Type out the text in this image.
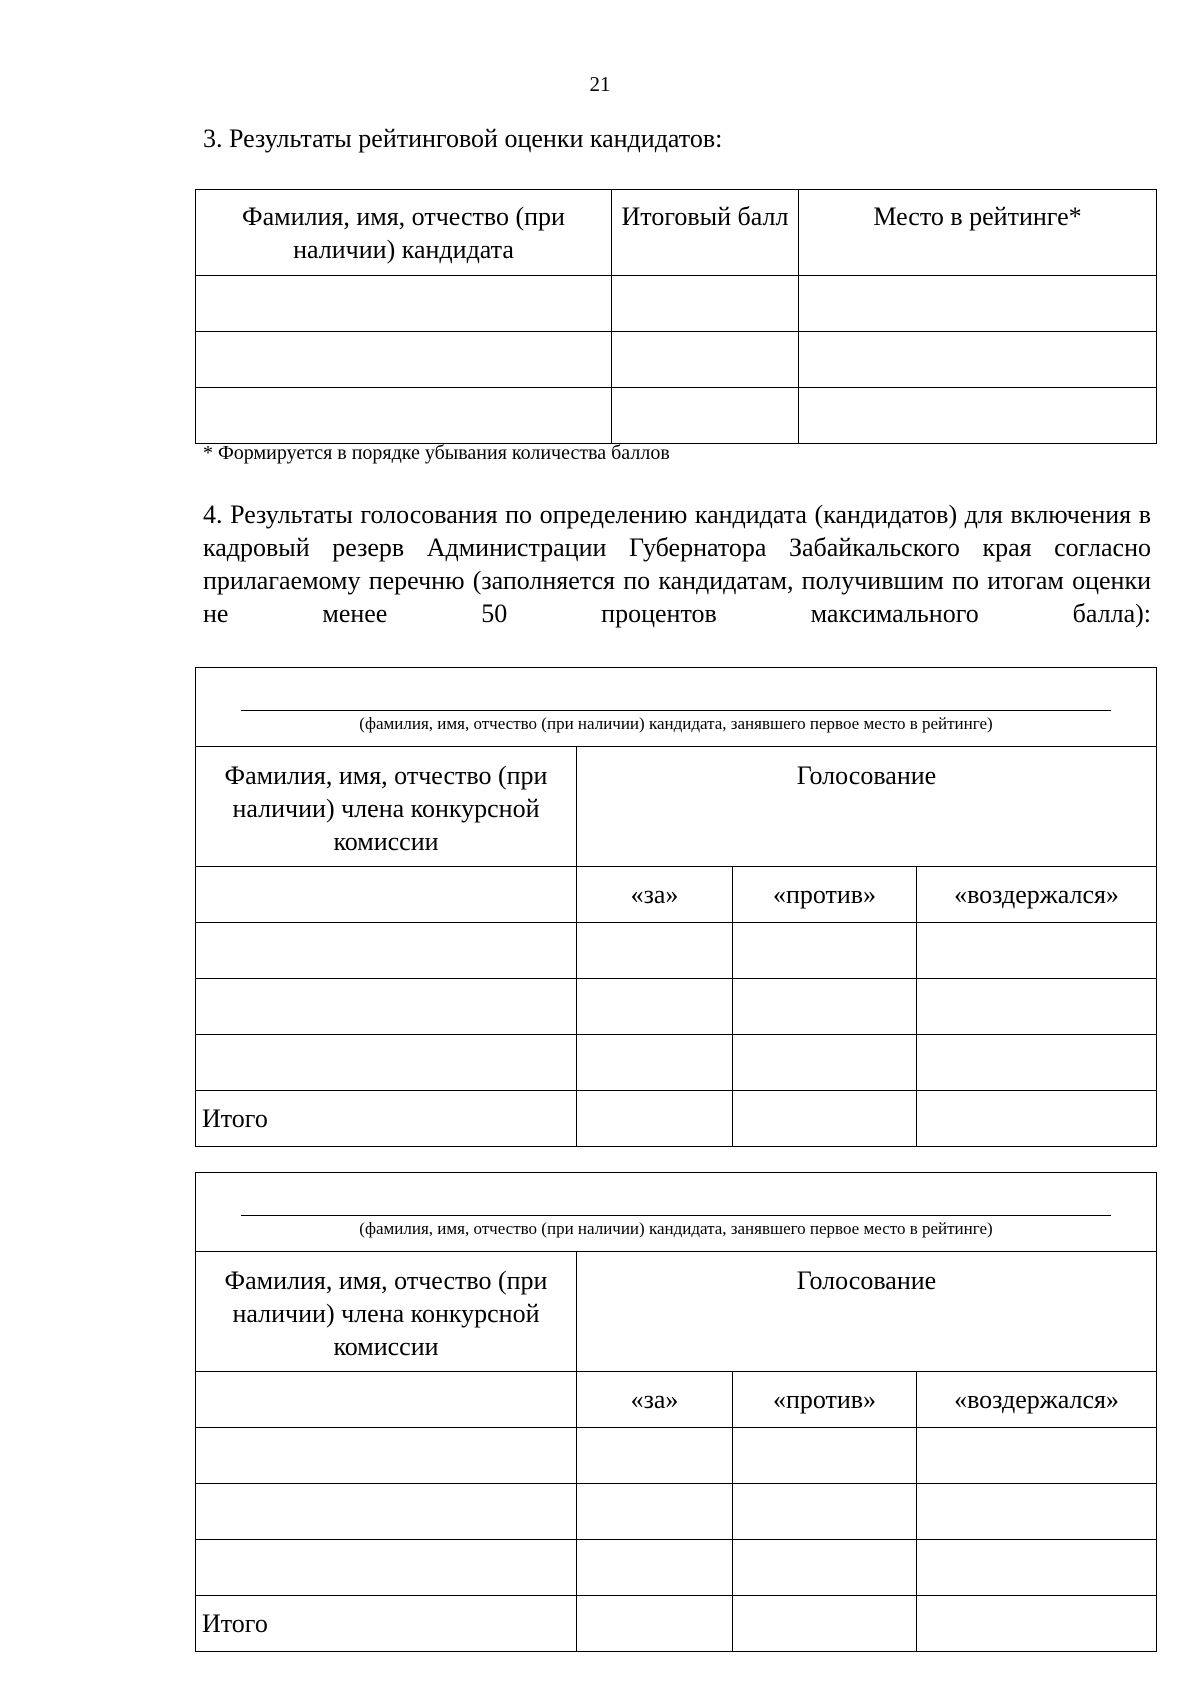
21
3. Результаты рейтинговой оценки кандидатов:
Фамилия, имя, отчество (при наличии) кандидата	Итоговый балл	Место в рейтинге*

* Формируется в порядке убывания количества баллов
4. Результаты голосования по определению кандидата (кандидатов) для включения в кадровый резерв Администрации Губернатора Забайкальского края согласно прилагаемому перечню (заполняется по кандидатам, получившим по итогам оценки не менее 50 процентов максимального балла):
(фамилия, имя, отчество (при наличии) кандидата, занявшего первое место в рейтинге)			

Фамилия, имя, отчество (при наличии) члена конкурсной комиссии	Голосование		
	«за»	«против»	«воздержался»

Итого			
(фамилия, имя, отчество (при наличии) кандидата, занявшего первое место в рейтинге)			

Фамилия, имя, отчество (при наличии) члена конкурсной комиссии	Голосование		
	«за»	«против»	«воздержался»

Итого			
